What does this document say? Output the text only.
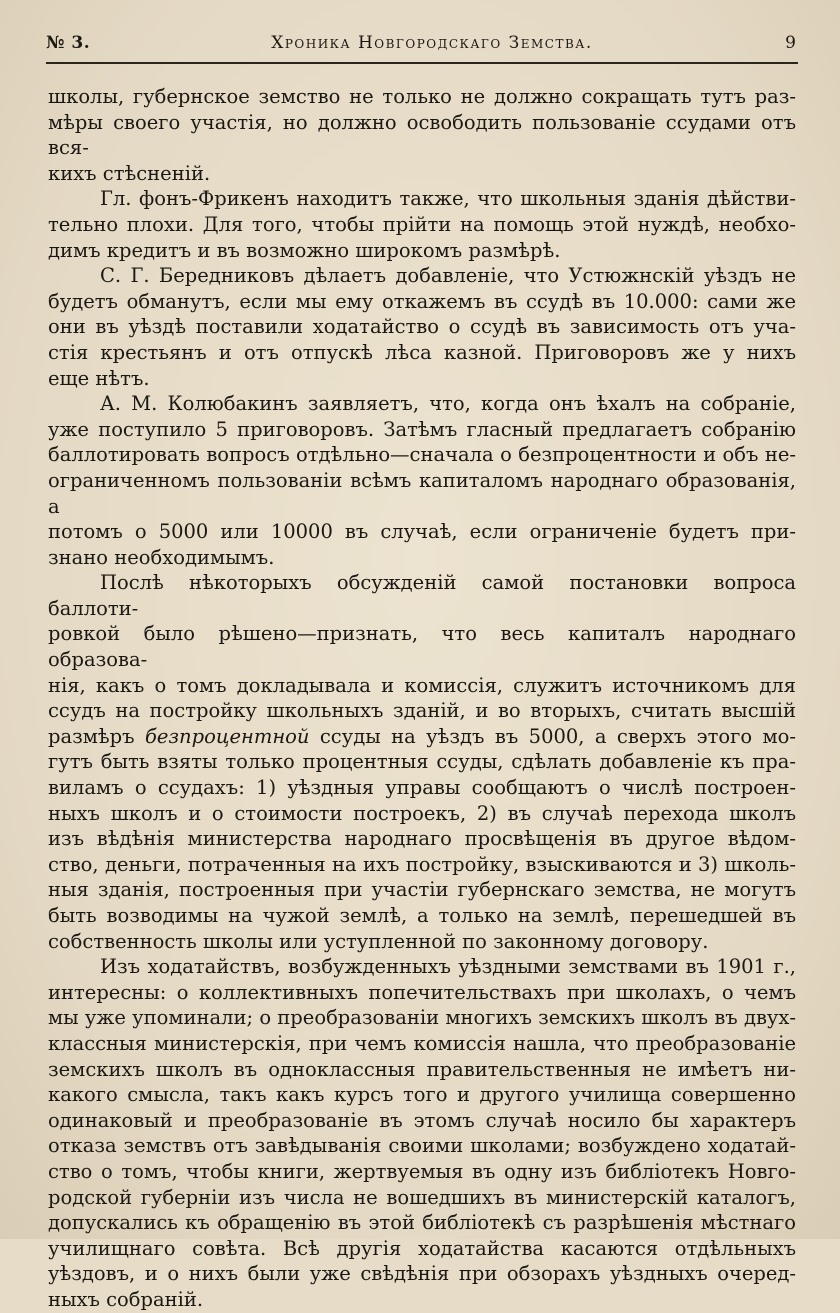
№ 3.	Хроника Новгородскаго Земства.	9

школы, губернское земство не только не должно сокращать тутъ раз-

мѣры своего участія, но должно освободить пользованіе ссудами отъ вся-

кихъ стѣсненій.

Гл. фонъ-Фрикенъ находитъ также, что школьныя зданія дѣйстви-

тельно плохи. Для того, чтобы прійти на помощь этой нуждѣ, необхо-

димъ кредитъ и въ возможно широкомъ размѣрѣ.

С. Г. Бередниковъ дѣлаетъ добавленіе, что Устюжнскій уѣздъ не

будетъ обманутъ, если мы ему откажемъ въ ссудѣ въ 10.000: сами же

они въ уѣздѣ поставили ходатайство о ссудѣ въ зависимость отъ уча-

стія крестьянъ и отъ отпускѣ лѣса казной. Приговоровъ же у нихъ

еще нѣтъ.

А. М. Колюбакинъ заявляетъ, что, когда онъ ѣхалъ на собраніе,

уже поступило 5 приговоровъ. Затѣмъ гласный предлагаетъ собранію

баллотировать вопросъ отдѣльно—сначала о безпроцентности и объ не-

ограниченномъ пользованіи всѣмъ капиталомъ народнаго образованія, а

потомъ о 5000 или 10000 въ случаѣ, если ограниченіе будетъ при-

знано необходимымъ.

Послѣ нѣкоторыхъ обсужденій самой постановки вопроса баллоти-

ровкой было рѣшено—признать, что весь капиталъ народнаго образова-

нія, какъ о томъ докладывала и комиссія, служитъ источникомъ для

ссудъ на постройку школьныхъ зданій, и во вторыхъ, считать высшій

размѣръ безпроцентной ссуды на уѣздъ въ 5000, а сверхъ этого мо-

гутъ быть взяты только процентныя ссуды, сдѣлать добавленіе къ пра-

виламъ о ссудахъ: 1) уѣздныя управы сообщаютъ о числѣ построен-

ныхъ школъ и о стоимости построекъ, 2) въ случаѣ перехода школъ

изъ вѣдѣнія министерства народнаго просвѣщенія въ другое вѣдом-

ство, деньги, потраченныя на ихъ постройку, взыскиваются и 3) школь-

ныя зданія, построенныя при участіи губернскаго земства, не могутъ

быть возводимы на чужой землѣ, а только на землѣ, перешедшей въ

собственность школы или уступленной по законному договору.

Изъ ходатайствъ, возбужденныхъ уѣздными земствами въ 1901 г.,

интересны: о коллективныхъ попечительствахъ при школахъ, о чемъ

мы уже упоминали; о преобразованіи многихъ земскихъ школъ въ двух-

классныя министерскія, при чемъ комиссія нашла, что преобразованіе

земскихъ школъ въ одноклассныя правительственныя не имѣетъ ни-

какого смысла, такъ какъ курсъ того и другого училища совершенно

одинаковый и преобразованіе въ этомъ случаѣ носило бы характеръ

отказа земствъ отъ завѣдыванія своими школами; возбуждено ходатай-

ство о томъ, чтобы книги, жертвуемыя въ одну изъ библіотекъ Новго-

родской губерніи изъ числа не вошедшихъ въ министерскій каталогъ,

допускались къ обращенію въ этой библіотекѣ съ разрѣшенія мѣстнаго

училищнаго совѣта. Всѣ другія ходатайства касаются отдѣльныхъ

уѣздовъ, и о нихъ были уже свѣдѣнія при обзорахъ уѣздныхъ очеред-

ныхъ собраній.
